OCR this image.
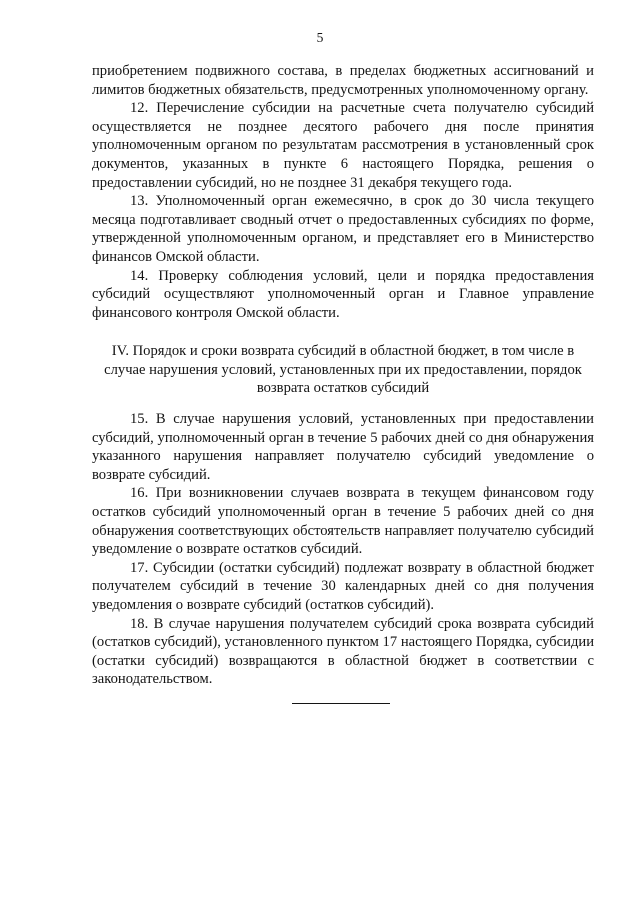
5

приобретением подвижного состава, в пределах бюджетных ассигнований и лимитов бюджетных обязательств, предусмотренных уполномоченному органу.

12. Перечисление субсидии на расчетные счета получателю субсидий осуществляется не позднее десятого рабочего дня после принятия уполномоченным органом по результатам рассмотрения в установленный срок документов, указанных в пункте 6 настоящего Порядка, решения о предоставлении субсидий, но не позднее 31 декабря текущего года.

13. Уполномоченный орган ежемесячно, в срок до 30 числа текущего месяца подготавливает сводный отчет о предоставленных субсидиях по форме, утвержденной уполномоченным органом, и представляет его в Министерство финансов Омской области.

14. Проверку соблюдения условий, цели и порядка предоставления субсидий осуществляют уполномоченный орган и Главное управление финансового контроля Омской области.

IV. Порядок и сроки возврата субсидий в областной бюджет, в том числе в случае нарушения условий, установленных при их предоставлении, порядок возврата остатков субсидий

15. В случае нарушения условий, установленных при предоставлении субсидий, уполномоченный орган в течение 5 рабочих дней со дня обнаружения указанного нарушения направляет получателю субсидий уведомление о возврате субсидий.

16. При возникновении случаев возврата в текущем финансовом году остатков субсидий уполномоченный орган в течение 5 рабочих дней со дня обнаружения соответствующих обстоятельств направляет получателю субсидий уведомление о возврате остатков субсидий.

17. Субсидии (остатки субсидий) подлежат возврату в областной бюджет получателем субсидий в течение 30 календарных дней со дня получения уведомления о возврате субсидий (остатков субсидий).

18. В случае нарушения получателем субсидий срока возврата субсидий (остатков субсидий), установленного пунктом 17 настоящего Порядка, субсидии (остатки субсидий) возвращаются в областной бюджет в соответствии с законодательством.
